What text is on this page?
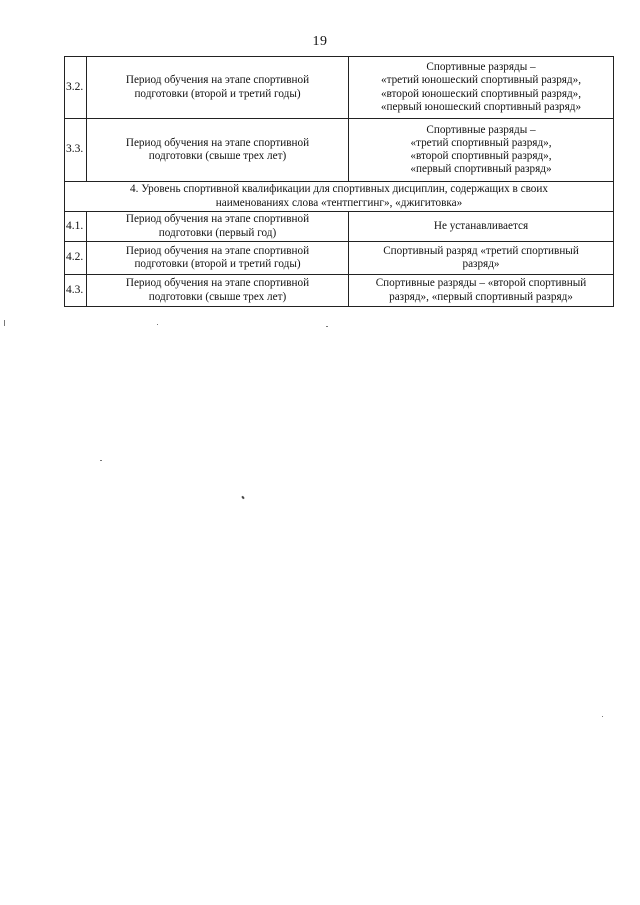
19
3.2.	Период обучения на этапе спортивной
подготовки (второй и третий годы)	Спортивные разряды –
«третий юношеский спортивный разряд»,
«второй юношеский спортивный разряд»,
«первый юношеский спортивный разряд»

3.3.	Период обучения на этапе спортивной
подготовки (свыше трех лет)	Спортивные разряды –
«третий спортивный разряд»,
«второй спортивный разряд»,
«первый спортивный разряд»

4. Уровень спортивной квалификации для спортивных дисциплин, содержащих в своих
наименованиях слова «тентпеггинг», «джигитовка»		

4.1.	Период обучения на этапе спортивной
подготовки (первый год)	Не устанавливается

4.2.	Период обучения на этапе спортивной
подготовки (второй и третий годы)	Спортивный разряд «третий спортивный
разряд»

4.3.	Период обучения на этапе спортивной
подготовки (свыше трех лет)	Спортивные разряды – «второй спортивный
разряд», «первый спортивный разряд»
